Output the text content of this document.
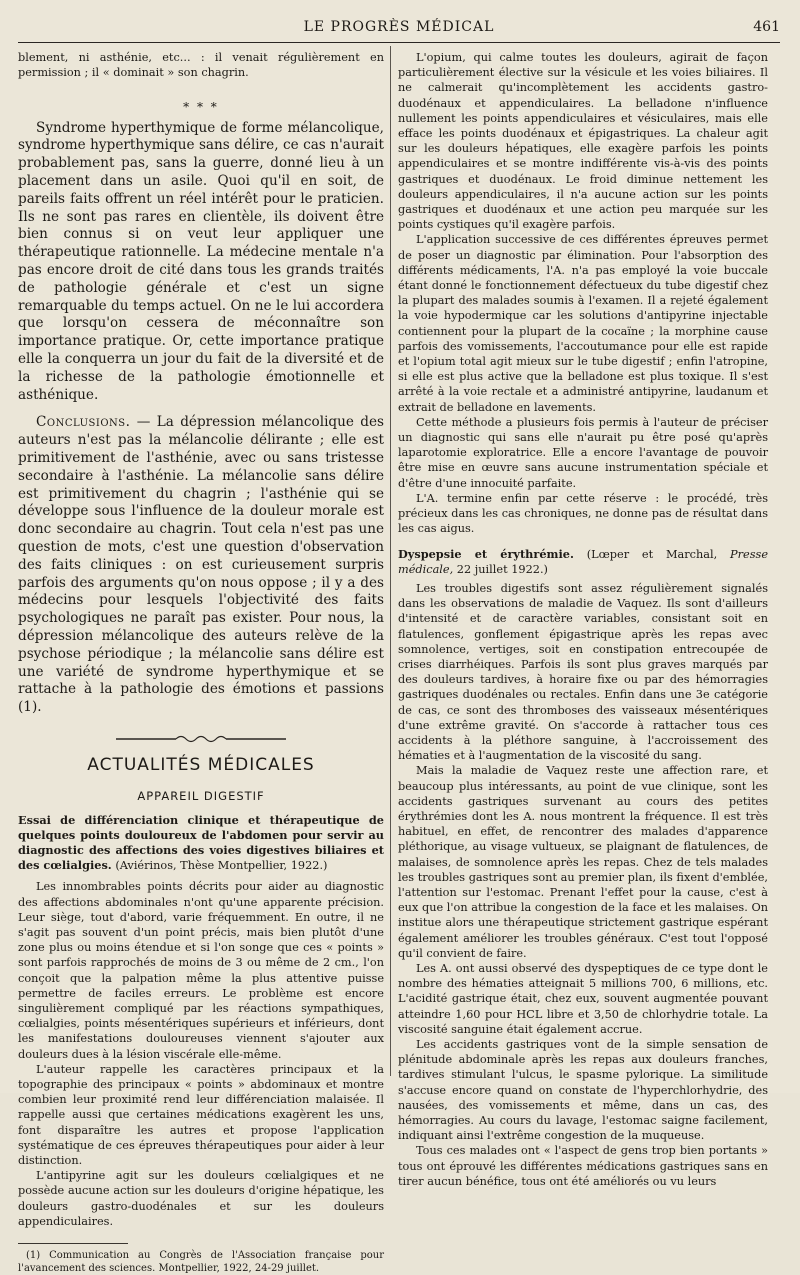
LE PROGRÈS MÉDICAL	461

blement, ni asthénie, etc... : il venait régulièrement en permission ; il « dominait » son chagrin.

* * *

Syndrome hyperthymique de forme mélancolique, syndrome hyperthymique sans délire, ce cas n'aurait probablement pas, sans la guerre, donné lieu à un placement dans un asile. Quoi qu'il en soit, de pareils faits offrent un réel intérêt pour le praticien. Ils ne sont pas rares en clientèle, ils doivent être bien connus si on veut leur appliquer une thérapeutique rationnelle. La médecine mentale n'a pas encore droit de cité dans tous les grands traités de pathologie générale et c'est un signe remarquable du temps actuel. On ne le lui accordera que lorsqu'on cessera de méconnaître son importance pratique. Or, cette importance pratique elle la conquerra un jour du fait de la diversité et de la richesse de la pathologie émotionnelle et asthénique.

Conclusions. — La dépression mélancolique des auteurs n'est pas la mélancolie délirante ; elle est primitivement de l'asthénie, avec ou sans tristesse secondaire à l'asthénie. La mélancolie sans délire est primitivement du chagrin ; l'asthénie qui se développe sous l'influence de la douleur morale est donc secondaire au chagrin. Tout cela n'est pas une question de mots, c'est une question d'observation des faits cliniques : on est curieusement surpris parfois des arguments qu'on nous oppose ; il y a des médecins pour lesquels l'objectivité des faits psychologiques ne paraît pas exister. Pour nous, la dépression mélancolique des auteurs relève de la psychose périodique ; la mélancolie sans délire est une variété de syndrome hyperthymique et se rattache à la pathologie des émotions et passions (1).

ACTUALITÉS MÉDICALES
APPAREIL DIGESTIF

Essai de différenciation clinique et thérapeutique de quelques points douloureux de l'abdomen pour servir au diagnostic des affections des voies digestives biliaires et des cœlialgies. (Aviérinos, Thèse Montpellier, 1922.)

Les innombrables points décrits pour aider au diagnostic des affections abdominales n'ont qu'une apparente précision. Leur siège, tout d'abord, varie fréquemment. En outre, il ne s'agit pas souvent d'un point précis, mais bien plutôt d'une zone plus ou moins étendue et si l'on songe que ces « points » sont parfois rapprochés de moins de 3 ou même de 2 cm., l'on conçoit que la palpation même la plus attentive puisse permettre de faciles erreurs. Le problème est encore singulièrement compliqué par les réactions sympathiques, cœlialgies, points mésentériques supérieurs et inférieurs, dont les manifestations douloureuses viennent s'ajouter aux douleurs dues à la lésion viscérale elle-même.

L'auteur rappelle les caractères principaux et la topographie des principaux « points » abdominaux et montre combien leur proximité rend leur différenciation malaisée. Il rappelle aussi que certaines médications exagèrent les uns, font disparaître les autres et propose l'application systématique de ces épreuves thérapeutiques pour aider à leur distinction.

L'antipyrine agit sur les douleurs cœlialgiques et ne possède aucune action sur les douleurs d'origine hépatique, les douleurs gastro-duodénales et sur les douleurs appendiculaires.

(1) Communication au Congrès de l'Association française pour l'avancement des sciences. Montpellier, 1922, 24-29 juillet.

L'opium, qui calme toutes les douleurs, agirait de façon particulièrement élective sur la vésicule et les voies biliaires. Il ne calmerait qu'incomplètement les accidents gastro-duodénaux et appendiculaires. La belladone n'influence nullement les points appendiculaires et vésiculaires, mais elle efface les points duodénaux et épigastriques. La chaleur agit sur les douleurs hépatiques, elle exagère parfois les points appendiculaires et se montre indifférente vis-à-vis des points gastriques et duodénaux. Le froid diminue nettement les douleurs appendiculaires, il n'a aucune action sur les points gastriques et duodénaux et une action peu marquée sur les points cystiques qu'il exagère parfois.

L'application successive de ces différentes épreuves permet de poser un diagnostic par élimination. Pour l'absorption des différents médicaments, l'A. n'a pas employé la voie buccale étant donné le fonctionnement défectueux du tube digestif chez la plupart des malades soumis à l'examen. Il a rejeté également la voie hypodermique car les solutions d'antipyrine injectable contiennent pour la plupart de la cocaïne ; la morphine cause parfois des vomissements, l'accoutumance pour elle est rapide et l'opium total agit mieux sur le tube digestif ; enfin l'atropine, si elle est plus active que la belladone est plus toxique. Il s'est arrêté à la voie rectale et a administré antipyrine, laudanum et extrait de belladone en lavements.

Cette méthode a plusieurs fois permis à l'auteur de préciser un diagnostic qui sans elle n'aurait pu être posé qu'après laparotomie exploratrice. Elle a encore l'avantage de pouvoir être mise en œuvre sans aucune instrumentation spéciale et d'être d'une innocuité parfaite.

L'A. termine enfin par cette réserve : le procédé, très précieux dans les cas chroniques, ne donne pas de résultat dans les cas aigus.

Dyspepsie et érythrémie. (Lœper et Marchal, Presse médicale, 22 juillet 1922.)

Les troubles digestifs sont assez régulièrement signalés dans les observations de maladie de Vaquez. Ils sont d'ailleurs d'intensité et de caractère variables, consistant soit en flatulences, gonflement épigastrique après les repas avec somnolence, vertiges, soit en constipation entrecoupée de crises diarrhéiques. Parfois ils sont plus graves marqués par des douleurs tardives, à horaire fixe ou par des hémorragies gastriques duodénales ou rectales. Enfin dans une 3e catégorie de cas, ce sont des thromboses des vaisseaux mésentériques d'une extrême gravité. On s'accorde à rattacher tous ces accidents à la pléthore sanguine, à l'accroissement des hématies et à l'augmentation de la viscosité du sang.

Mais la maladie de Vaquez reste une affection rare, et beaucoup plus intéressants, au point de vue clinique, sont les accidents gastriques survenant au cours des petites érythrémies dont les A. nous montrent la fréquence. Il est très habituel, en effet, de rencontrer des malades d'apparence pléthorique, au visage vultueux, se plaignant de flatulences, de malaises, de somnolence après les repas. Chez de tels malades les troubles gastriques sont au premier plan, ils fixent d'emblée, l'attention sur l'estomac. Prenant l'effet pour la cause, c'est à eux que l'on attribue la congestion de la face et les malaises. On institue alors une thérapeutique strictement gastrique espérant également améliorer les troubles généraux. C'est tout l'opposé qu'il convient de faire.

Les A. ont aussi observé des dyspeptiques de ce type dont le nombre des hématies atteignait 5 millions 700, 6 millions, etc. L'acidité gastrique était, chez eux, souvent augmentée pouvant atteindre 1,60 pour HCL libre et 3,50 de chlorhydrie totale. La viscosité sanguine était également accrue.

Les accidents gastriques vont de la simple sensation de plénitude abdominale après les repas aux douleurs franches, tardives stimulant l'ulcus, le spasme pylorique. La similitude s'accuse encore quand on constate de l'hyperchlorhydrie, des nausées, des vomissements et même, dans un cas, des hémorragies. Au cours du lavage, l'estomac saigne facilement, indiquant ainsi l'extrême congestion de la muqueuse.

Tous ces malades ont « l'aspect de gens trop bien portants » tous ont éprouvé les différentes médications gastriques sans en tirer aucun bénéfice, tous ont été améliorés ou vu leurs
